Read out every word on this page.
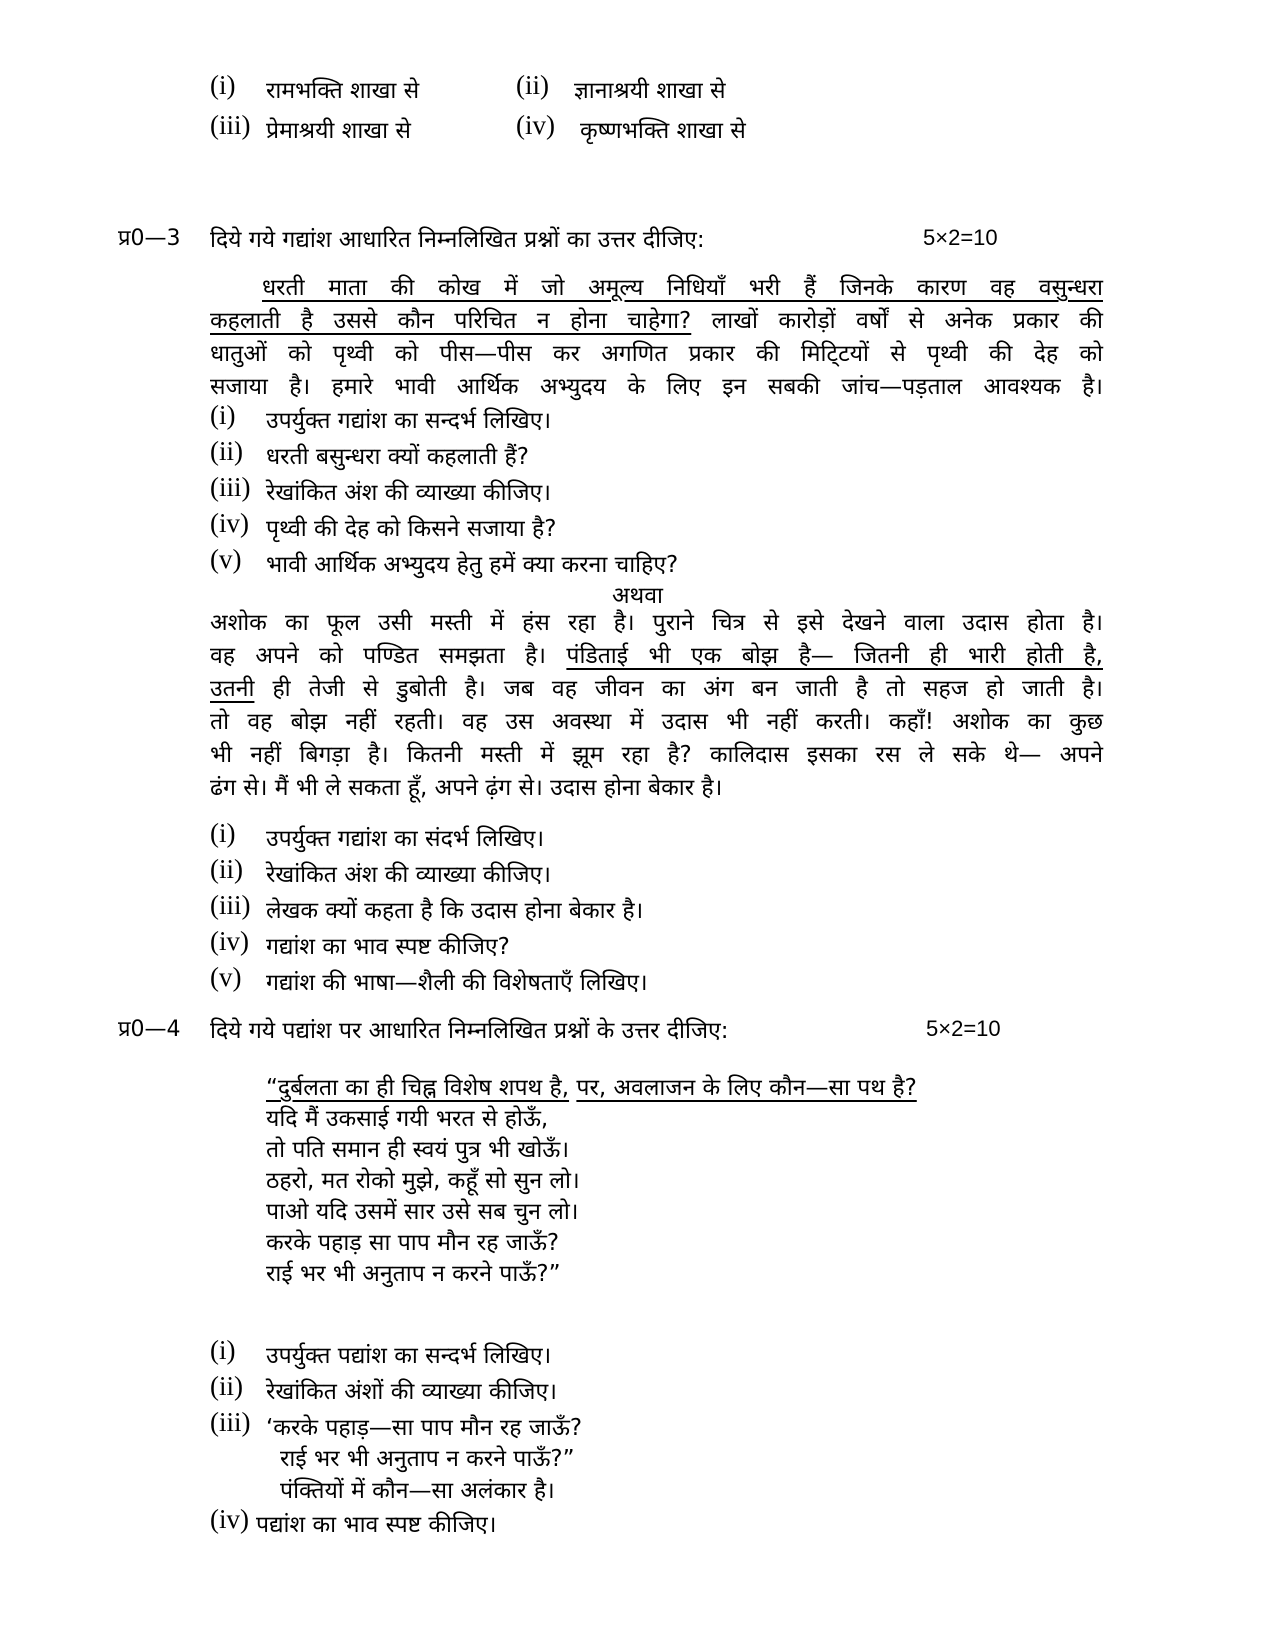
(i) रामभक्ति शाखा से	(ii) ज्ञानाश्रयी शाखा से
(iii) प्रेमाश्रयी शाखा से	(iv) कृष्णभक्ति शाखा से
प्र0—3 दिये गये गद्यांश आधारित निम्नलिखित प्रश्नों का उत्तर दीजिए:	5×2=10
धरती माता की कोख में जो अमूल्य निधियाँ भरी हैं जिनके कारण वह वसुन्धरा
कहलाती है उससे कौन परिचित न होना चाहेगा? लाखों कारोड़ों वर्षों से अनेक प्रकार की
धातुओं को पृथ्वी को पीस—पीस कर अगणित प्रकार की मिटि्टयों से पृथ्वी की देह को
सजाया है। हमारे भावी आर्थिक अभ्युदय के लिए इन सबकी जांच—पड़ताल आवश्यक है।
(i) उपर्युक्त गद्यांश का सन्दर्भ लिखिए।
(ii) धरती बसुन्धरा क्यों कहलाती हैं?
(iii) रेखांकित अंश की व्याख्या कीजिए।
(iv) पृथ्वी की देह को किसने सजाया है?
(v) भावी आर्थिक अभ्युदय हेतु हमें क्या करना चाहिए?
अथवा
अशोक का फूल उसी मस्ती में हंस रहा है। पुराने चित्र से इसे देखने वाला उदास होता है।
वह अपने को पण्डित समझता है। पंडिताई भी एक बोझ है— जितनी ही भारी होती है,
उतनी ही तेजी से डुबोती है। जब वह जीवन का अंग बन जाती है तो सहज हो जाती है।
तो वह बोझ नहीं रहती। वह उस अवस्था में उदास भी नहीं करती। कहाँ! अशोक का कुछ
भी नहीं बिगड़ा है। कितनी मस्ती में झूम रहा है? कालिदास इसका रस ले सके थे— अपने
ढंग से। मैं भी ले सकता हूँ, अपने ढ़ंग से। उदास होना बेकार है।
(i) उपर्युक्त गद्यांश का संदर्भ लिखिए।
(ii) रेखांकित अंश की व्याख्या कीजिए।
(iii) लेखक क्यों कहता है कि उदास होना बेकार है।
(iv) गद्यांश का भाव स्पष्ट कीजिए?
(v) गद्यांश की भाषा—शैली की विशेषताएँ लिखिए।
प्र0—4 दिये गये पद्यांश पर आधारित निम्नलिखित प्रश्नों के उत्तर दीजिए:	5×2=10
“दुर्बलता का ही चिह्न विशेष शपथ है, पर, अवलाजन के लिए कौन—सा पथ है?
यदि मैं उकसाई गयी भरत से होऊँ,
तो पति समान ही स्वयं पुत्र भी खोऊँ।
ठहरो, मत रोको मुझे, कहूँ सो सुन लो।
पाओ यदि उसमें सार उसे सब चुन लो।
करके पहाड़ सा पाप मौन रह जाऊँ?
राई भर भी अनुताप न करने पाऊँ?”
(i) उपर्युक्त पद्यांश का सन्दर्भ लिखिए।
(ii) रेखांकित अंशों की व्याख्या कीजिए।
(iii) ‘करके पहाड़—सा पाप मौन रह जाऊँ?
राई भर भी अनुताप न करने पाऊँ?”
पंक्तियों में कौन—सा अलंकार है।
(iv) पद्यांश का भाव स्पष्ट कीजिए।
